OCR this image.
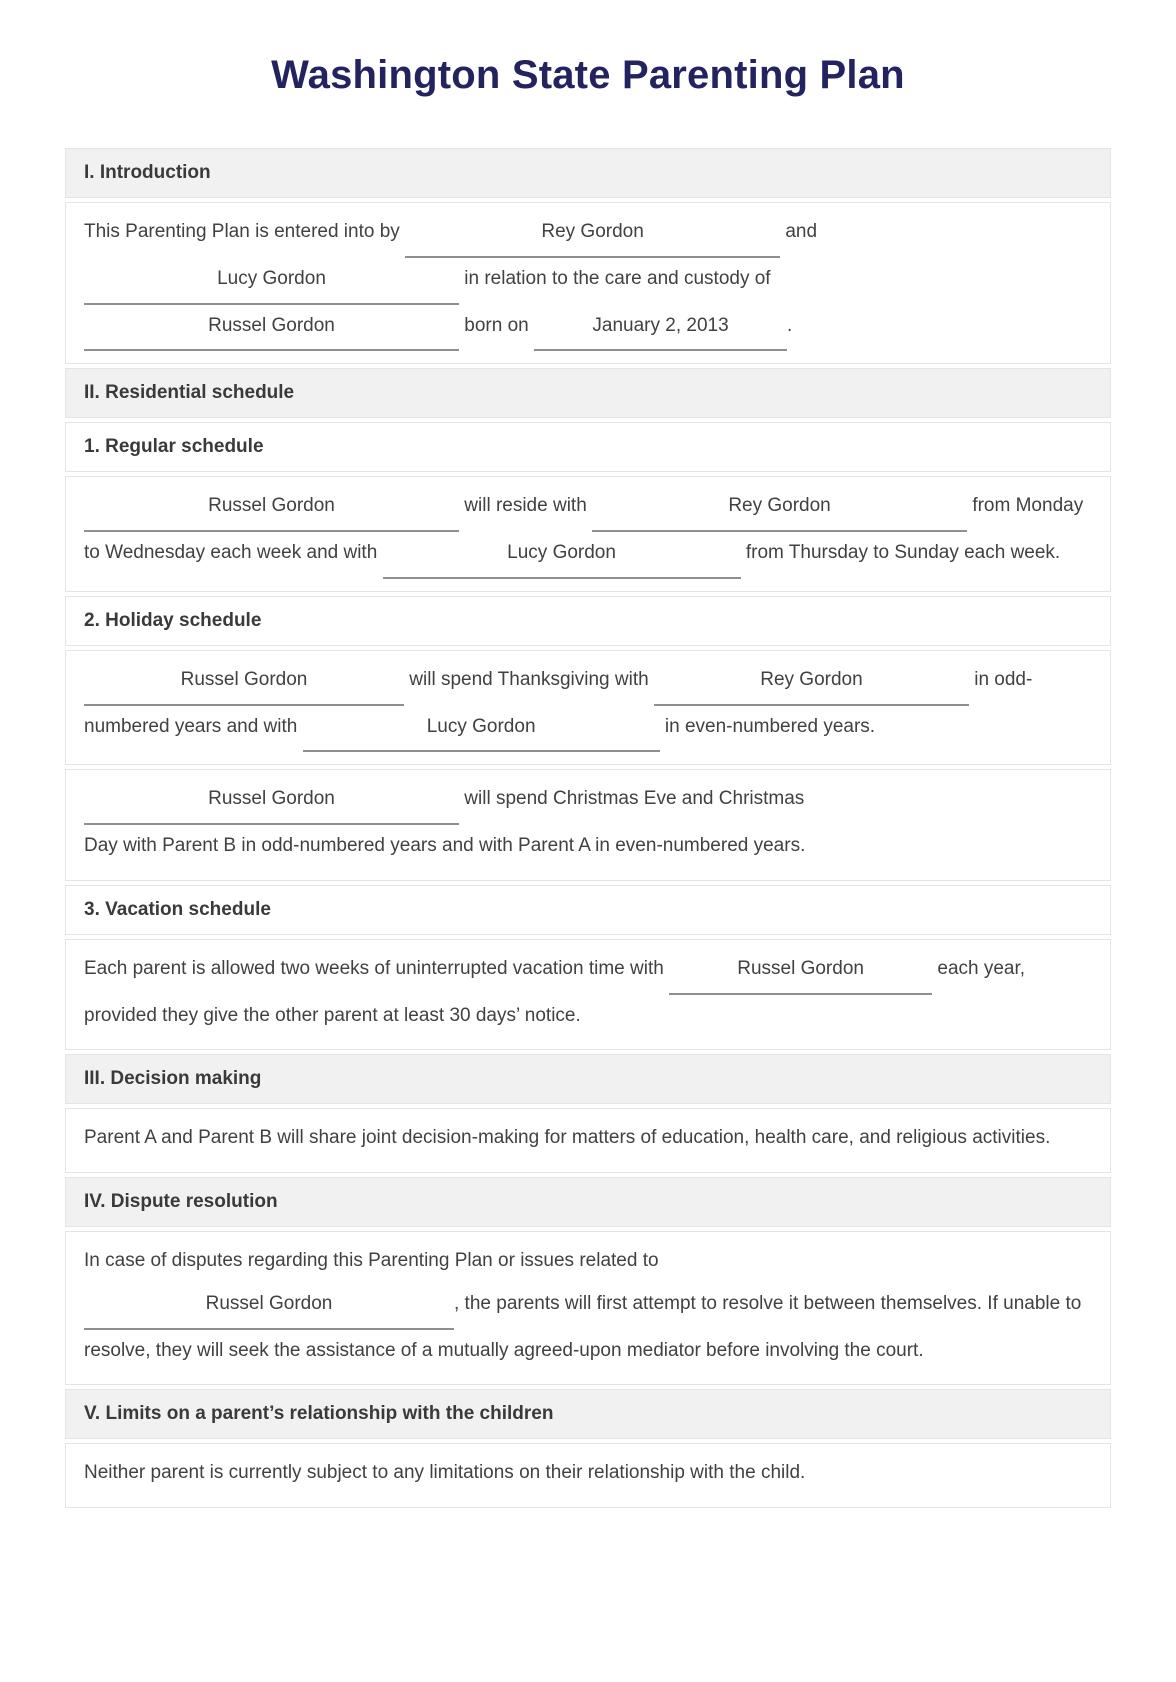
Washington State Parenting Plan
I. Introduction
This Parenting Plan is entered into by	Rey Gordon	and Lucy Gordon	in relation to the care and custody of Russel Gordon	born on	January 2, 2013	.
II. Residential schedule
1. Regular schedule
Russel Gordon	will reside with	Rey Gordon	from Monday to Wednesday each week and with	Lucy Gordon	from Thursday to Sunday each week.
2. Holiday schedule
Russel Gordon	will spend Thanksgiving with	Rey Gordon	in odd-numbered years and with	Lucy Gordon	in even-numbered years.
Russel Gordon	will spend Christmas Eve and Christmas
Day with Parent B in odd-numbered years and with Parent A in even-numbered years.
3. Vacation schedule
Each parent is allowed two weeks of uninterrupted vacation time with	Russel Gordon	each year, provided they give the other parent at least 30 days’ notice.
III. Decision making
Parent A and Parent B will share joint decision-making for matters of education, health care, and religious activities.
IV. Dispute resolution
In case of disputes regarding this Parenting Plan or issues related to
Russel Gordon	, the parents will first attempt to resolve it between themselves. If unable to resolve, they will seek the assistance of a mutually agreed-upon mediator before involving the court.
V. Limits on a parent’s relationship with the children
Neither parent is currently subject to any limitations on their relationship with the child.
